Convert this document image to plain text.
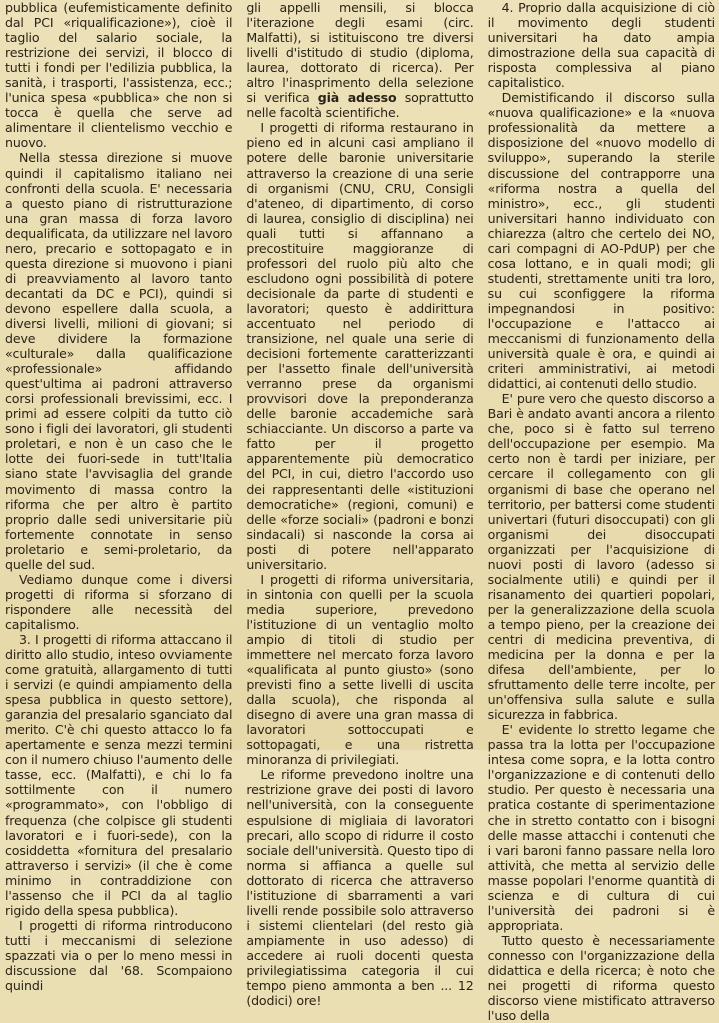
pubblica (eufemisticamente definito dal PCI «riqualificazione»), cioè il taglio del salario sociale, la restrizione dei servizi, il blocco di tutti i fondi per l'edilizia pubblica, la sanità, i trasporti, l'assistenza, ecc.; l'unica spesa «pubblica» che non si tocca è quella che serve ad alimentare il clientelismo vecchio e nuovo.

Nella stessa direzione si muove quindi il capitalismo italiano nei confronti della scuola. E' necessaria a questo piano di ristrutturazione una gran massa di forza lavoro dequalificata, da utilizzare nel lavoro nero, precario e sottopagato e in questa direzione si muovono i piani di preavviamento al lavoro tanto decantati da DC e PCI), quindi si devono espellere dalla scuola, a diversi livelli, milioni di giovani; si deve dividere la formazione «culturale» dalla qualificazione «professionale» affidando quest'ultima ai padroni attraverso corsi professionali brevissimi, ecc. I primi ad essere colpiti da tutto ciò sono i figli dei lavoratori, gli studenti proletari, e non è un caso che le lotte dei fuori-sede in tutt'Italia siano state l'avvisaglia del grande movimento di massa contro la riforma che per altro è partito proprio dalle sedi universitarie più fortemente connotate in senso proletario e semi-proletario, da quelle del sud.

Vediamo dunque come i diversi progetti di riforma si sforzano di rispondere alle necessità del capitalismo.

3. I progetti di riforma attaccano il diritto allo studio, inteso ovviamente come gratuità, allargamento di tutti i servizi (e quindi ampiamento della spesa pubblica in questo settore), garanzia del presalario sganciato dal merito. C'è chi questo attacco lo fa apertamente e senza mezzi termini con il numero chiuso l'aumento delle tasse, ecc. (Malfatti), e chi lo fa sottilmente con il numero «programmato», con l'obbligo di frequenza (che colpisce gli studenti lavoratori e i fuori-sede), con la cosiddetta «fornitura del presalario attraverso i servizi» (il che è come minimo in contraddizione con l'assenso che il PCI da al taglio rigido della spesa pubblica).

I progetti di riforma rintroducono tutti i meccanismi di selezione spazzati via o per lo meno messi in discussione dal '68. Scompaiono quindi

gli appelli mensili, si blocca l'iterazione degli esami (circ. Malfatti), si istituiscono tre diversi livelli d'istitudo di studio (diploma, laurea, dottorato di ricerca). Per altro l'inasprimento della selezione si verifica già adesso soprattutto nelle facoltà scientifiche.

I progetti di riforma restaurano in pieno ed in alcuni casi ampliano il potere delle baronie universitarie attraverso la creazione di una serie di organismi (CNU, CRU, Consigli d'ateneo, di dipartimento, di corso di laurea, consiglio di disciplina) nei quali tutti si affannano a precostituire maggioranze di professori del ruolo più alto che escludono ogni possibilità di potere decisionale da parte di studenti e lavoratori; questo è addirittura accentuato nel periodo di transizione, nel quale una serie di decisioni fortemente caratterizzanti per l'assetto finale dell'università verranno prese da organismi provvisori dove la preponderanza delle baronie accademiche sarà schiacciante. Un discorso a parte va fatto per il progetto apparentemente più democratico del PCI, in cui, dietro l'accordo uso dei rappresentanti delle «istituzioni democratiche» (regioni, comuni) e delle «forze sociali» (padroni e bonzi sindacali) si nasconde la corsa ai posti di potere nell'apparato universitario.

I progetti di riforma universitaria, in sintonia con quelli per la scuola media superiore, prevedono l'istituzione di un ventaglio molto ampio di titoli di studio per immettere nel mercato forza lavoro «qualificata al punto giusto» (sono previsti fino a sette livelli di uscita dalla scuola), che risponda al disegno di avere una gran massa di lavoratori sottoccupati e sottopagati, e una ristretta minoranza di privilegiati.

Le riforme prevedono inoltre una restrizione grave dei posti di lavoro nell'università, con la conseguente espulsione di migliaia di lavoratori precari, allo scopo di ridurre il costo sociale dell'università. Questo tipo di norma si affianca a quelle sul dottorato di ricerca che attraverso l'istituzione di sbarramenti a vari livelli rende possibile solo attraverso i sistemi clientelari (del resto già ampiamente in uso adesso) di accedere ai ruoli docenti questa privilegiatissima categoria il cui tempo pieno ammonta a ben ... 12 (dodici) ore!

4. Proprio dalla acquisizione di ciò il movimento degli studenti universitari ha dato ampia dimostrazione della sua capacità di risposta complessiva al piano capitalistico.

Demistificando il discorso sulla «nuova qualificazione» e la «nuova professionalità da mettere a disposizione del «nuovo modello di sviluppo», superando la sterile discussione del contrapporre una «riforma nostra a quella del ministro», ecc., gli studenti universitari hanno individuato con chiarezza (altro che certelo dei NO, cari compagni di AO-PdUP) per che cosa lottano, e in quali modi; gli studenti, strettamente uniti tra loro, su cui sconfiggere la riforma impegnandosi in positivo: l'occupazione e l'attacco ai meccanismi di funzionamento della università quale è ora, e quindi ai criteri amministrativi, ai metodi didattici, ai contenuti dello studio.

E' pure vero che questo discorso a Bari è andato avanti ancora a rilento che, poco si è fatto sul terreno dell'occupazione per esempio. Ma certo non è tardi per iniziare, per cercare il collegamento con gli organismi di base che operano nel territorio, per battersi come studenti univertari (futuri disoccupati) con gli organismi dei disoccupati organizzati per l'acquisizione di nuovi posti di lavoro (adesso si socialmente utili) e quindi per il risanamento dei quartieri popolari, per la generalizzazione della scuola a tempo pieno, per la creazione dei centri di medicina preventiva, di medicina per la donna e per la difesa dell'ambiente, per lo sfruttamento delle terre incolte, per un'offensiva sulla salute e sulla sicurezza in fabbrica.

E' evidente lo stretto legame che passa tra la lotta per l'occupazione intesa come sopra, e la lotta contro l'organizzazione e di contenuti dello studio. Per questo è necessaria una pratica costante di sperimentazione che in stretto contatto con i bisogni delle masse attacchi i contenuti che i vari baroni fanno passare nella loro attività, che metta al servizio delle masse popolari l'enorme quantità di scienza e di cultura di cui l'università dei padroni si è appropriata.

Tutto questo è necessariamente connesso con l'organizzazione della didattica e della ricerca; è noto che nei progetti di riforma questo discorso viene mistificato attraverso l'uso della
